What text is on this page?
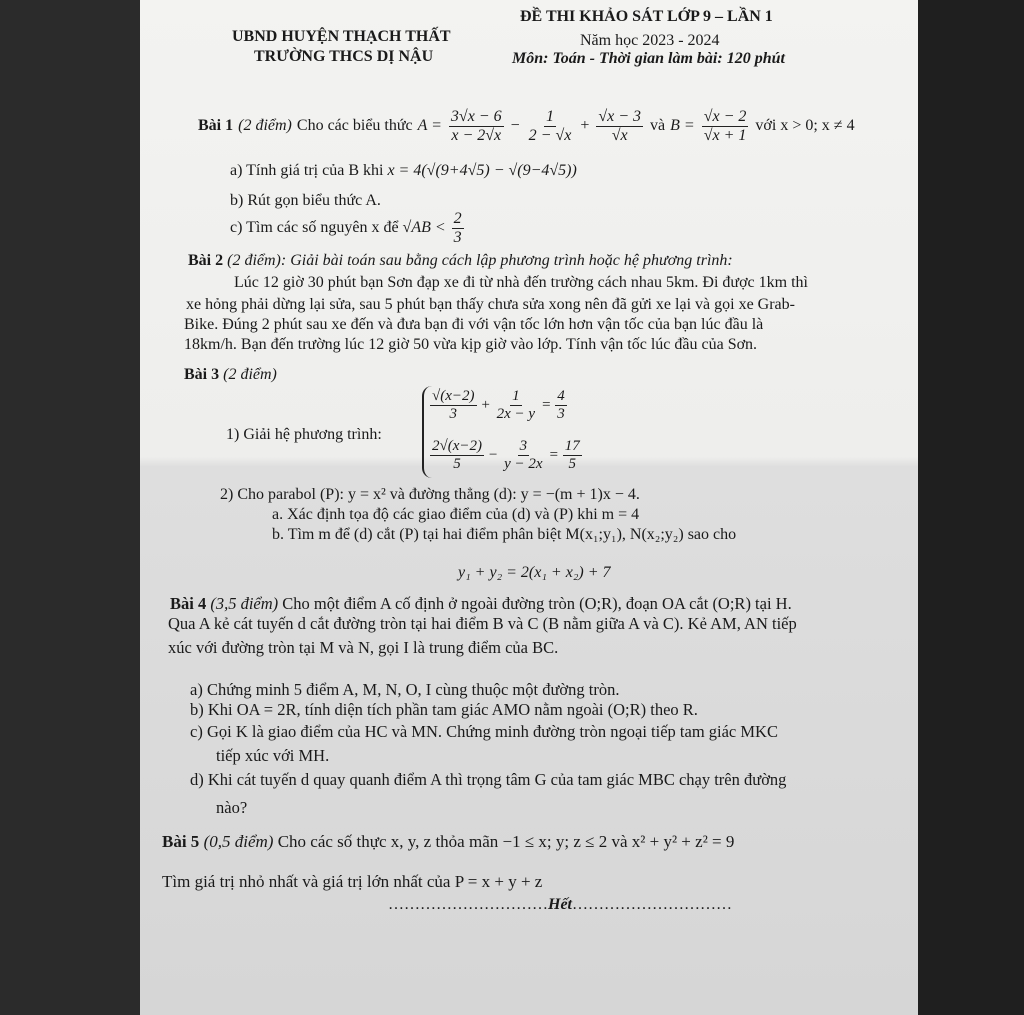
UBND HUYỆN THẠCH THẤT
TRƯỜNG THCS DỊ NẬU
ĐỀ THI KHẢO SÁT LỚP 9 – LẦN 1
Năm học 2023 - 2024
Môn: Toán - Thời gian làm bài: 120 phút
Bài 1 (2 điểm) Cho các biểu thức $A = \frac{3√x - 6}{x - 2√x} - \frac{1}{2 - √x} + \frac{√x - 3}{√x}$ và $B = \frac{√x - 2}{√x + 1}$ với x > 0; x ≠ 4
a) Tính giá trị của B khi x = 4(√(9+4√5) − √(9−4√5))
b) Rút gọn biểu thức A.
c) Tìm các số nguyên x để $√AB < \frac{2}{3}$
Bài 2 (2 điểm): Giải bài toán sau bằng cách lập phương trình hoặc hệ phương trình:
Lúc 12 giờ 30 phút bạn Sơn đạp xe đi từ nhà đến trường cách nhau 5km. Đi được 1km thì
xe hỏng phải dừng lại sửa, sau 5 phút bạn thấy chưa sửa xong nên đã gửi xe lại và gọi xe Grab-
Bike. Đúng 2 phút sau xe đến và đưa bạn đi với vận tốc lớn hơn vận tốc của bạn lúc đầu là
18km/h. Bạn đến trường lúc 12 giờ 50 vừa kịp giờ vào lớp. Tính vận tốc lúc đầu của Sơn.
Bài 3 (2 điểm)
1) Giải hệ phương trình:
$\frac{√(x-2)}{3} + \frac{1}{2x - y} = \frac{4}{3}$
$\frac{2√(x-2)}{5} - \frac{3}{y - 2x} = \frac{17}{5}$
2) Cho parabol (P): y = x² và đường thẳng (d): y = −(m + 1)x − 4.
a. Xác định tọa độ các giao điểm của (d) và (P) khi m = 4
b. Tìm m để (d) cắt (P) tại hai điểm phân biệt M(x₁;y₁), N(x₂;y₂) sao cho
y₁ + y₂ = 2(x₁ + x₂) + 7
Bài 4 (3,5 điểm) Cho một điểm A cố định ở ngoài đường tròn (O;R), đoạn OA cắt (O;R) tại H.
Qua A kẻ cát tuyến d cắt đường tròn tại hai điểm B và C (B nằm giữa A và C). Kẻ AM, AN tiếp
xúc với đường tròn tại M và N, gọi I là trung điểm của BC.
a) Chứng minh 5 điểm A, M, N, O, I cùng thuộc một đường tròn.
b) Khi OA = 2R, tính diện tích phần tam giác AMO nằm ngoài (O;R) theo R.
c) Gọi K là giao điểm của HC và MN. Chứng minh đường tròn ngoại tiếp tam giác MKC
tiếp xúc với MH.
d) Khi cát tuyến d quay quanh điểm A thì trọng tâm G của tam giác MBC chạy trên đường
nào?
Bài 5 (0,5 điểm) Cho các số thực x, y, z thỏa mãn −1 ≤ x; y; z ≤ 2 và x² + y² + z² = 9
Tìm giá trị nhỏ nhất và giá trị lớn nhất của P = x + y + z
…………………………Hết…………………………
